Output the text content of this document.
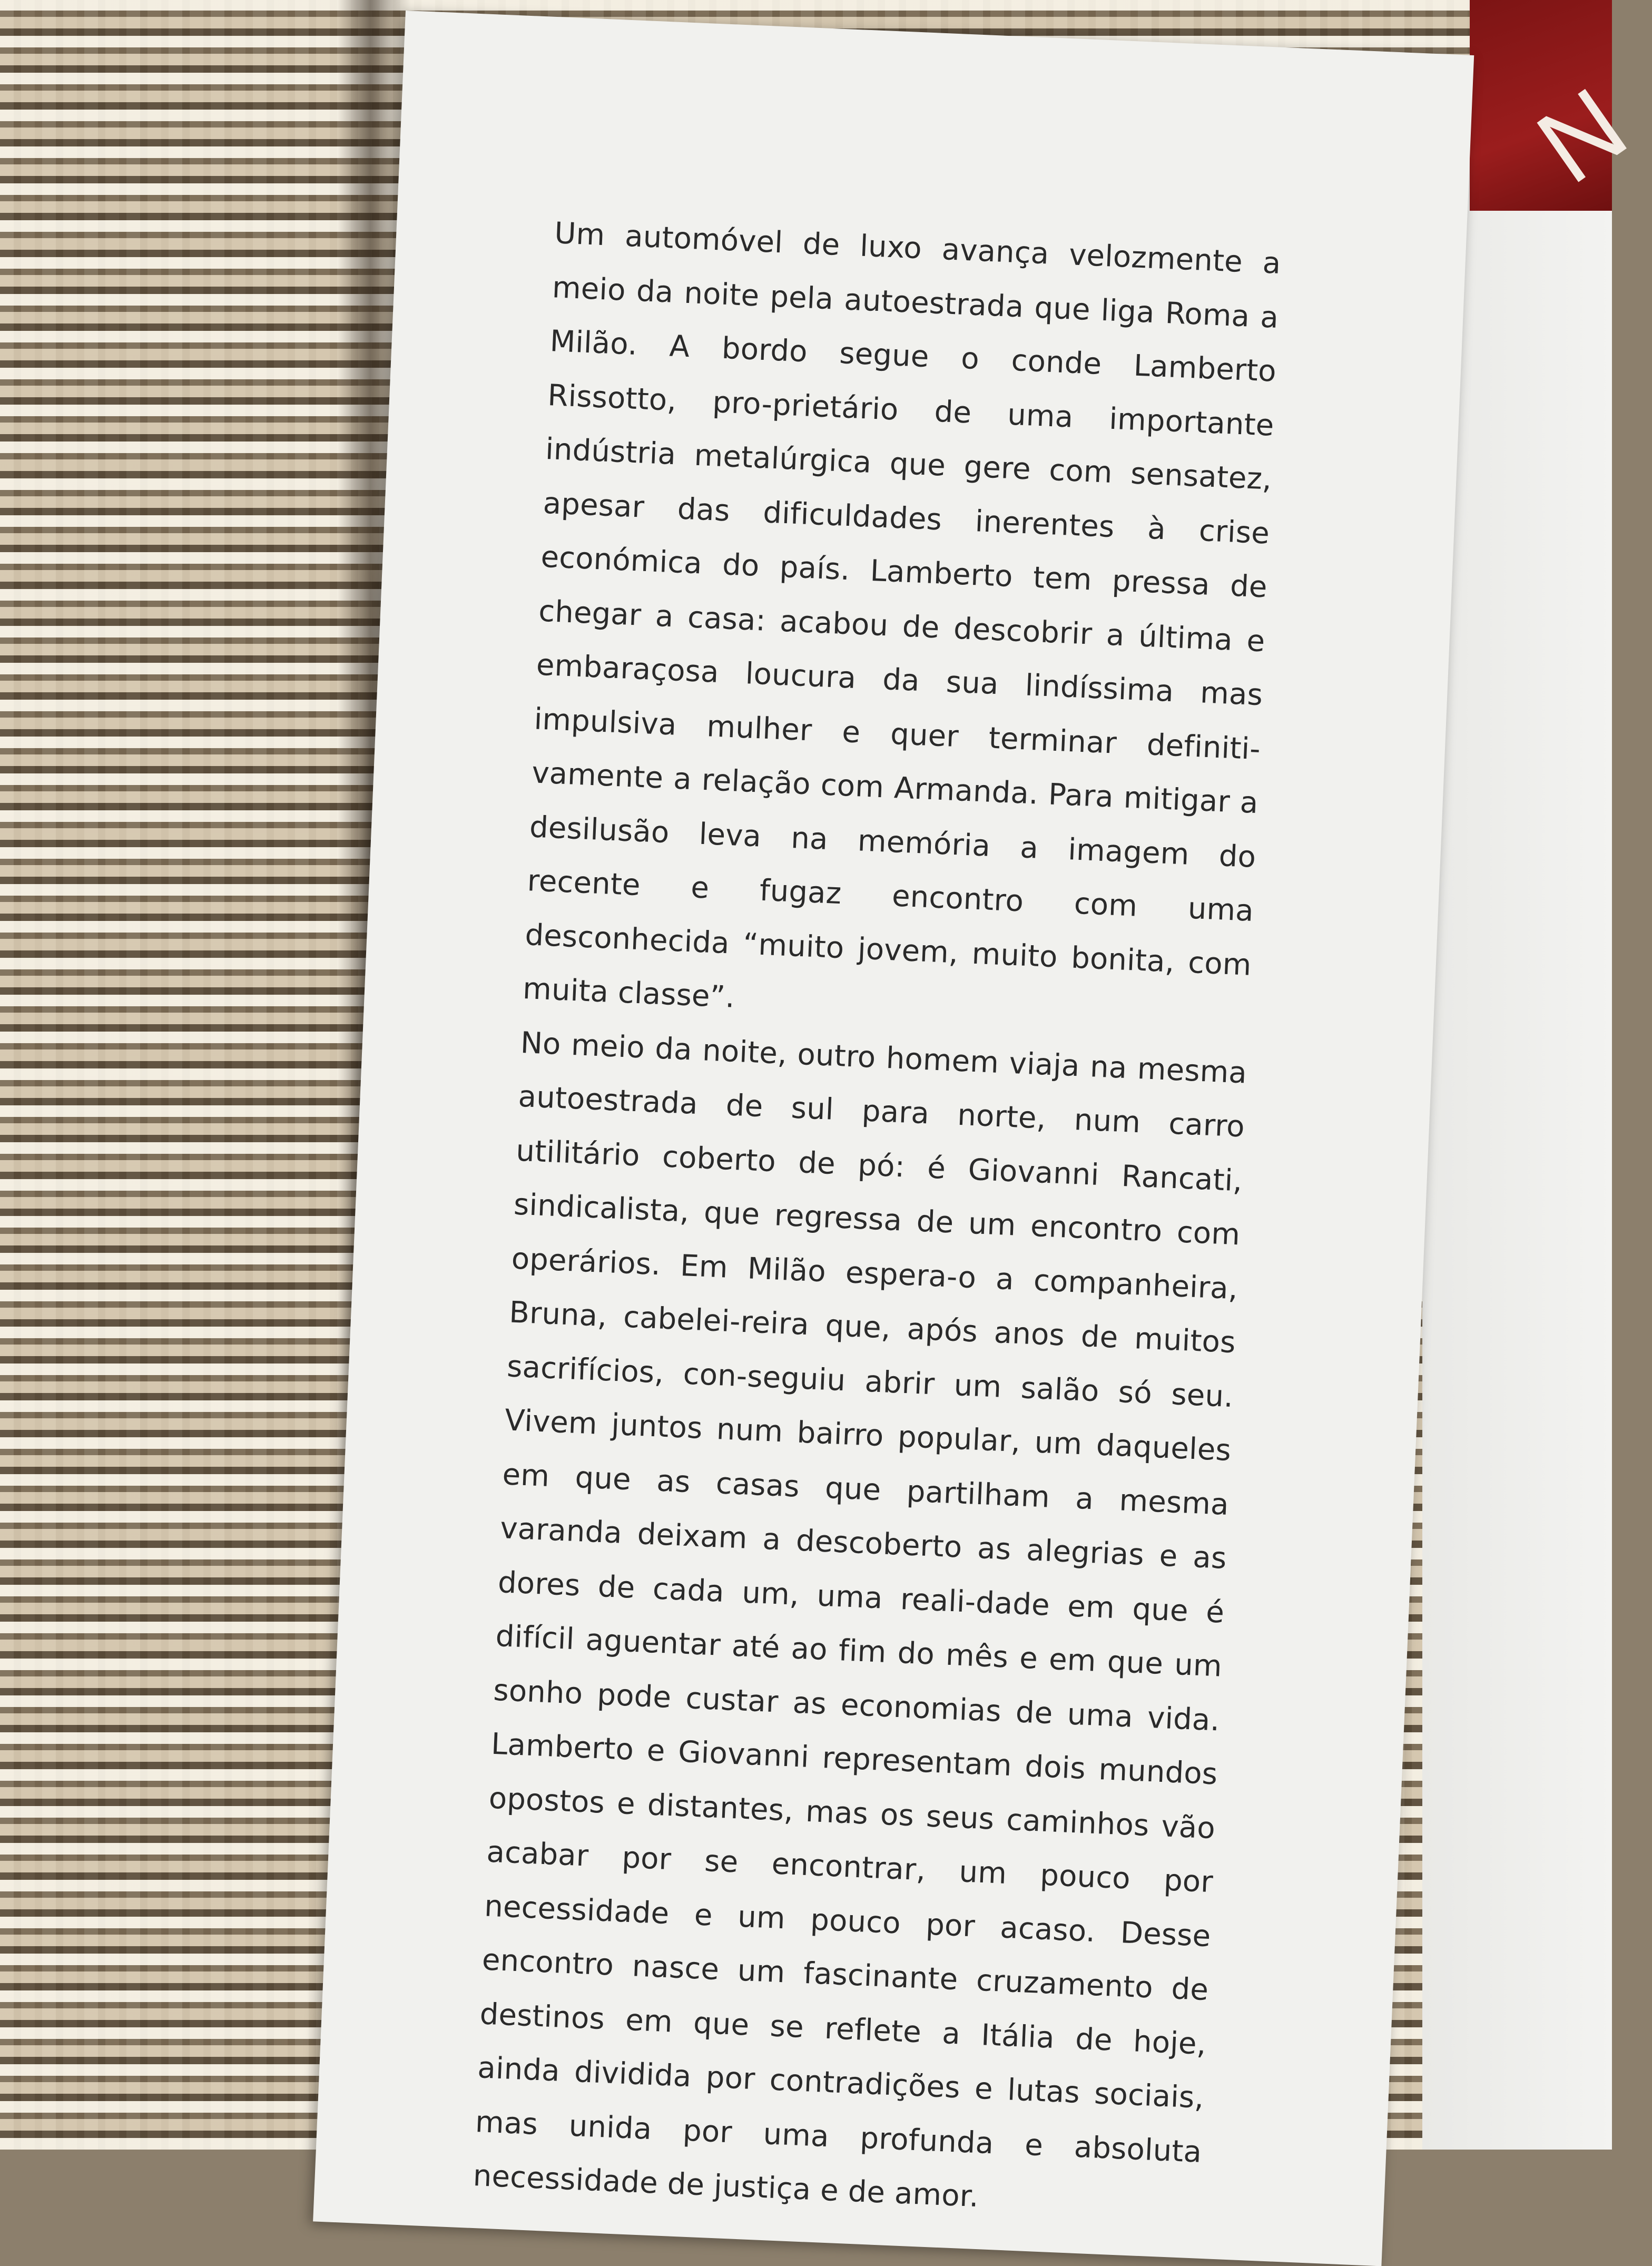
N

Um automóvel de luxo avança velozmente a meio da noite pela autoestrada que liga Roma a Milão. A bordo segue o conde Lamberto Rissotto, pro-prietário de uma importante indústria metalúrgica que gere com sensatez, apesar das dificuldades inerentes à crise económica do país. Lamberto tem pressa de chegar a casa: acabou de descobrir a última e embaraçosa loucura da sua lindíssima mas impulsiva mulher e quer terminar definiti-vamente a relação com Armanda. Para mitigar a desilusão leva na memória a imagem do recente e fugaz encontro com uma desconhecida “muito jovem, muito bonita, com muita classe”.

No meio da noite, outro homem viaja na mesma autoestrada de sul para norte, num carro utilitário coberto de pó: é Giovanni Rancati, sindicalista, que regressa de um encontro com operários. Em Milão espera-o a companheira, Bruna, cabelei-reira que, após anos de muitos sacrifícios, con-seguiu abrir um salão só seu. Vivem juntos num bairro popular, um daqueles em que as casas que partilham a mesma varanda deixam a descoberto as alegrias e as dores de cada um, uma reali-dade em que é difícil aguentar até ao fim do mês e em que um sonho pode custar as economias de uma vida. Lamberto e Giovanni representam dois mundos opostos e distantes, mas os seus caminhos vão acabar por se encontrar, um pouco por necessidade e um pouco por acaso. Desse encontro nasce um fascinante cruzamento de destinos em que se reflete a Itália de hoje, ainda dividida por contradições e lutas sociais, mas unida por uma profunda e absoluta necessidade de justiça e de amor.
